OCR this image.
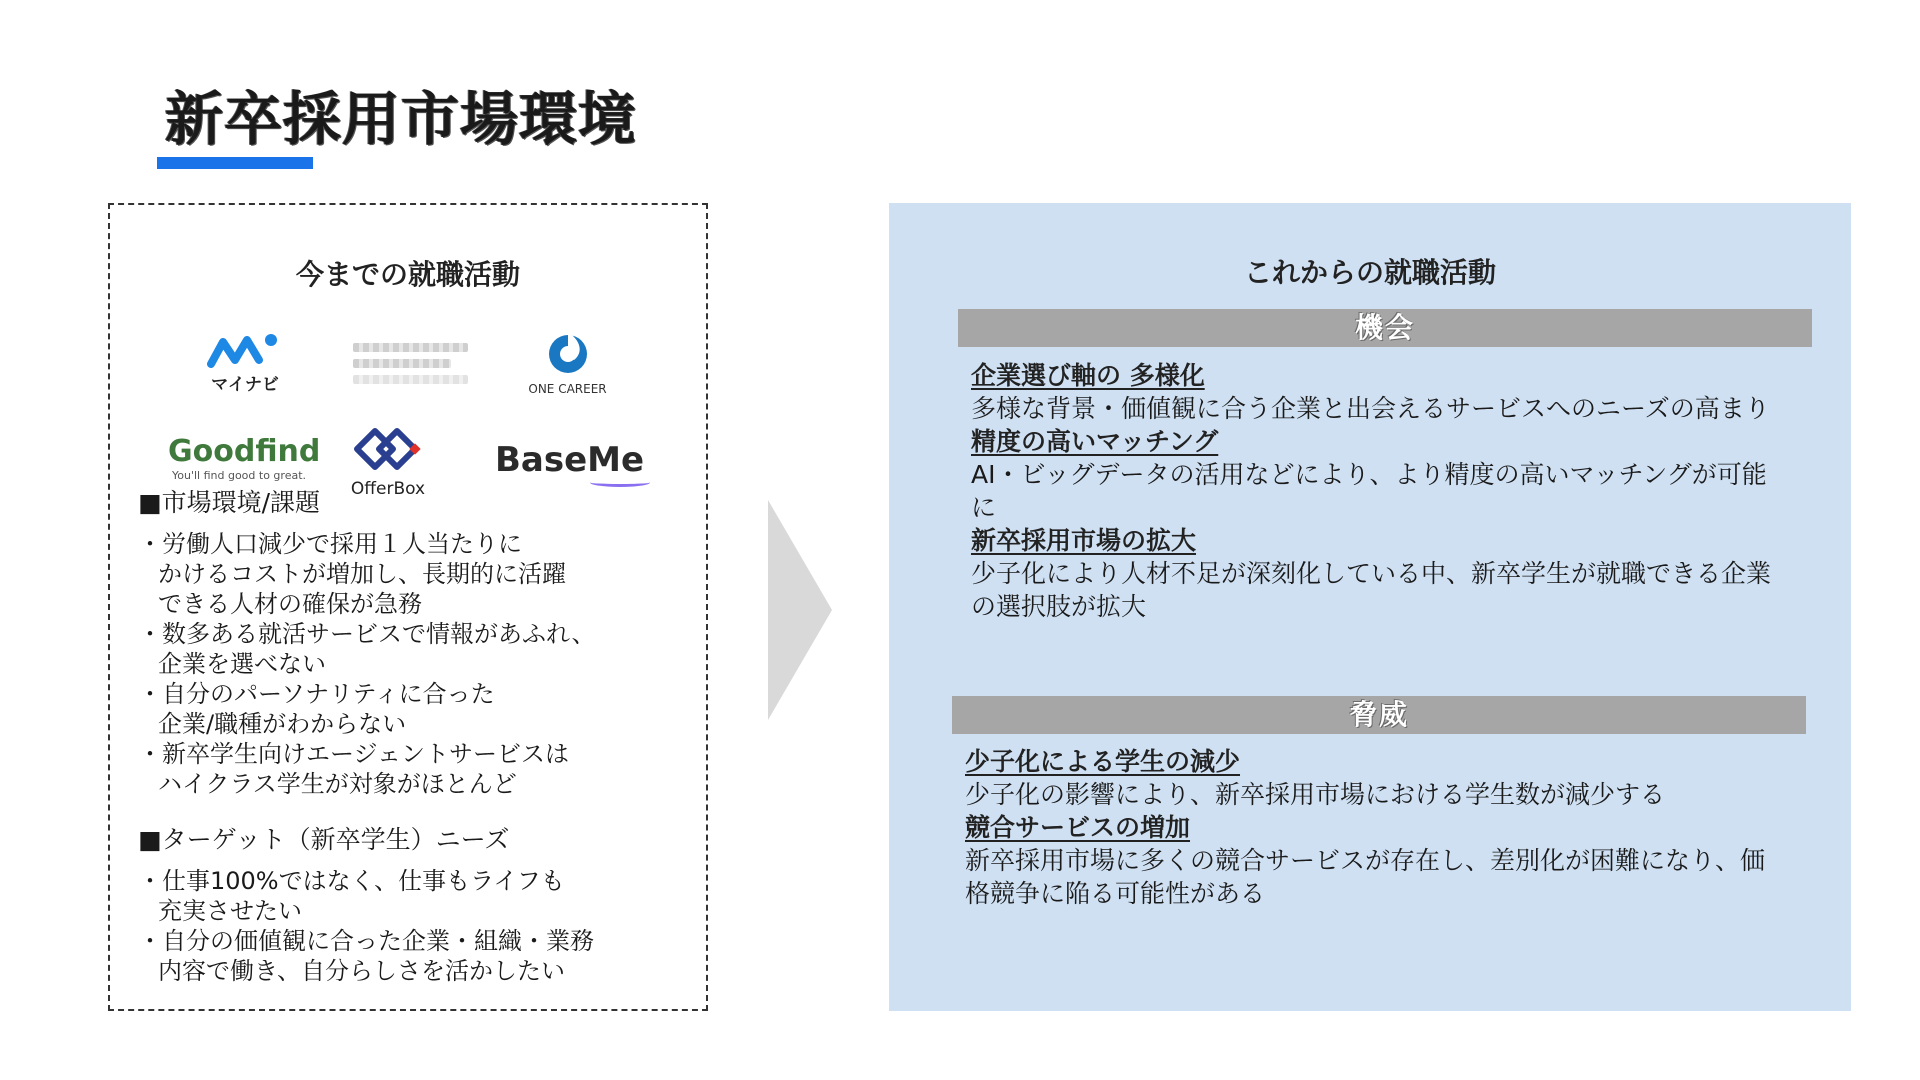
新卒採用市場環境
今までの就職活動
マイナビ	ONE CAREER
Goodfind
You'll find good to great.
OfferBox
BaseMe
■市場環境/課題
・労働人口減少で採用１人当たりに
かけるコストが増加し、長期的に活躍
できる人材の確保が急務
・数多ある就活サービスで情報があふれ、
企業を選べない
・自分のパーソナリティに合った
企業/職種がわからない
・新卒学生向けエージェントサービスは
ハイクラス学生が対象がほとんど
■ターゲット（新卒学生）ニーズ
・仕事100%ではなく、仕事もライフも
充実させたい
・自分の価値観に合った企業・組織・業務
内容で働き、自分らしさを活かしたい
これからの就職活動
機会
企業選び軸の 多様化
多様な背景・価値観に合う企業と出会えるサービスへのニーズの高まり
精度の高いマッチング
AI・ビッグデータの活用などにより、より精度の高いマッチングが可能に
新卒採用市場の拡大
少子化により人材不足が深刻化している中、新卒学生が就職できる企業の選択肢が拡大
脅威
少子化による学生の減少
少子化の影響により、新卒採用市場における学生数が減少する
競合サービスの増加
新卒採用市場に多くの競合サービスが存在し、差別化が困難になり、価格競争に陥る可能性がある
